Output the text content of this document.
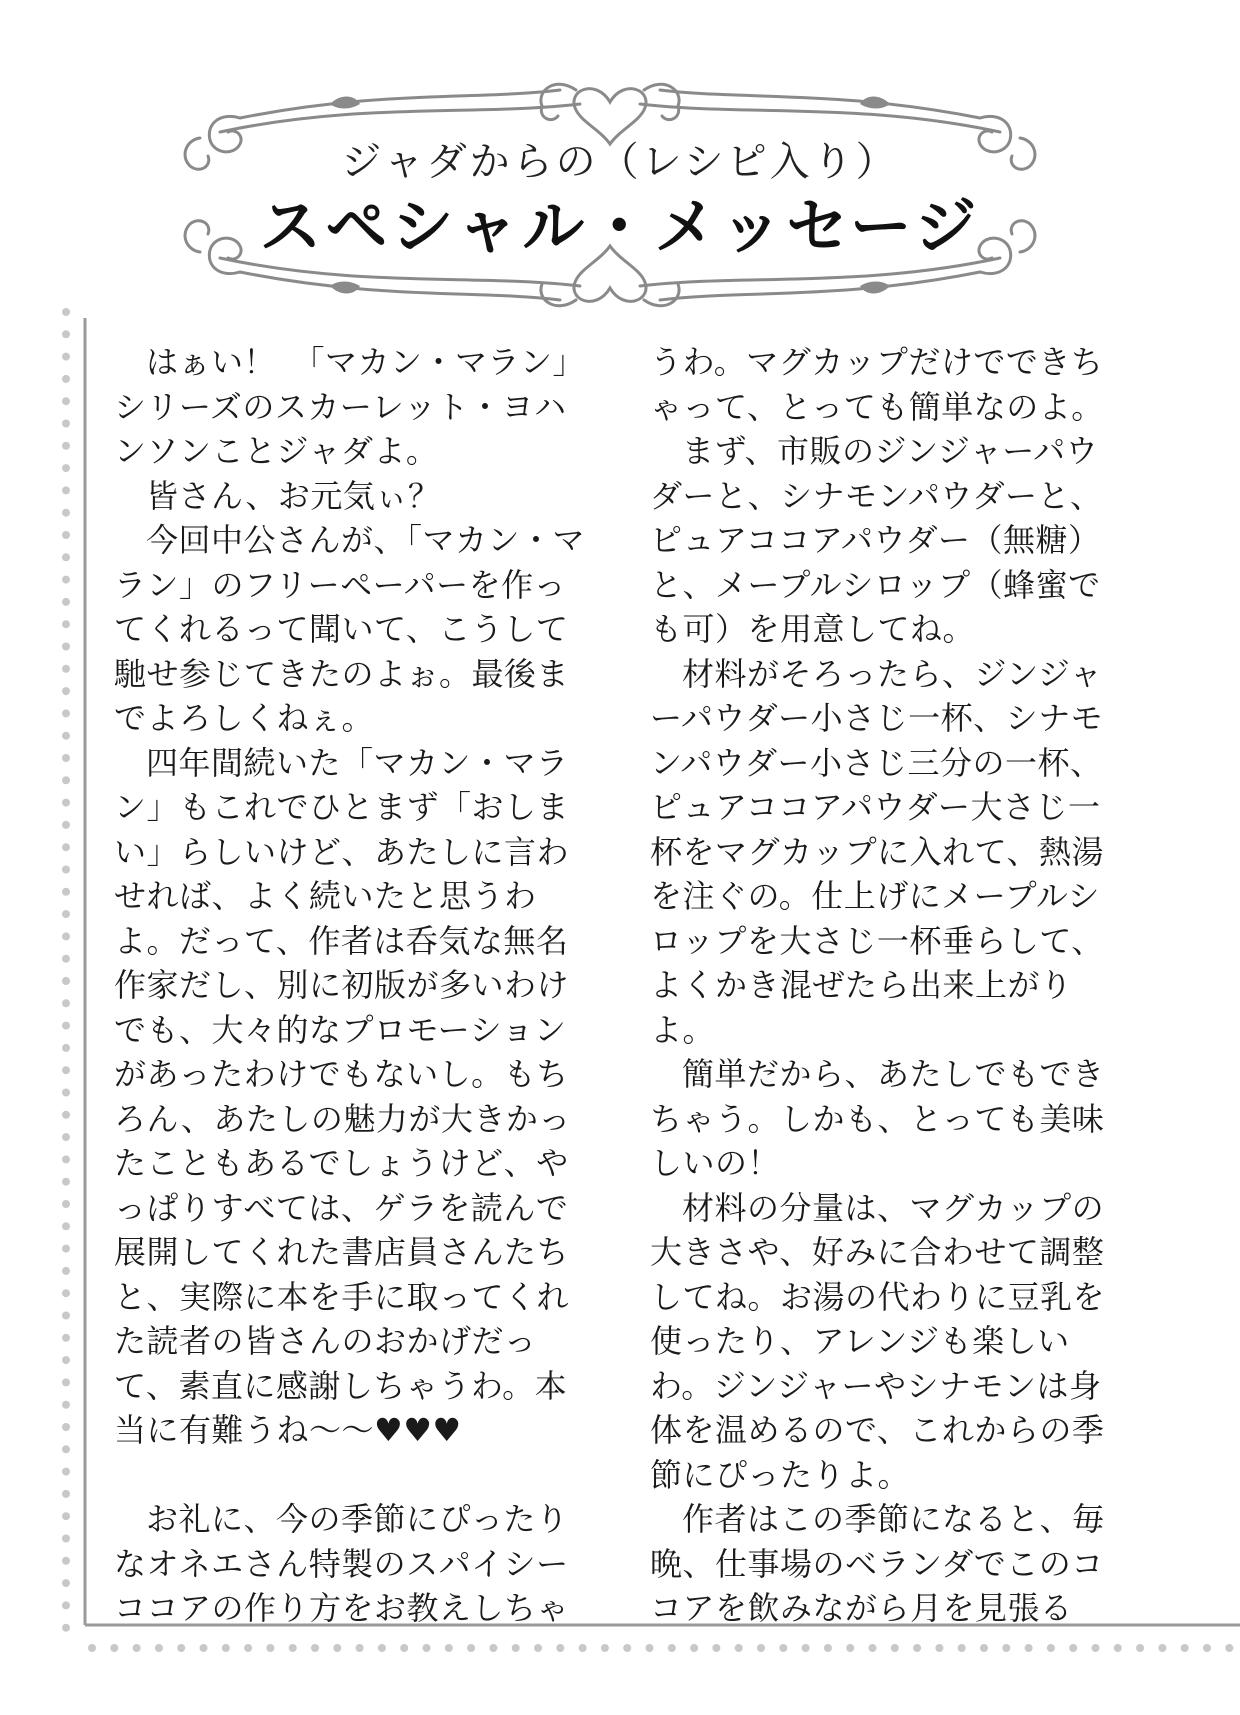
ジャダからの（レシピ入り）
スペシャル・メッセージ

はぁい！　「マカン・マラン」シリーズのスカーレット・ヨハンソンことジャダよ。

皆さん、お元気ぃ？

今回中公さんが、「マカン・マラン」のフリーペーパーを作ってくれるって聞いて、こうして馳せ参じてきたのよぉ。最後までよろしくねぇ。

四年間続いた「マカン・マラン」もこれでひとまず「おしまい」らしいけど、あたしに言わせれば、よく続いたと思うわよ。だって、作者は呑気な無名作家だし、別に初版が多いわけでも、大々的なプロモーションがあったわけでもないし。もちろん、あたしの魅力が大きかったこともあるでしょうけど、やっぱりすべては、ゲラを読んで展開してくれた書店員さんたちと、実際に本を手に取ってくれた読者の皆さんのおかげだって、素直に感謝しちゃうわ。本当に有難うね～～♥♥♥

お礼に、今の季節にぴったりなオネエさん特製のスパイシーココアの作り方をお教えしちゃ

うわ。マグカップだけでできちゃって、とっても簡単なのよ。

まず、市販のジンジャーパウダーと、シナモンパウダーと、ピュアココアパウダー（無糖）と、メープルシロップ（蜂蜜でも可）を用意してね。

材料がそろったら、ジンジャーパウダー小さじ一杯、シナモンパウダー小さじ三分の一杯、ピュアココアパウダー大さじ一杯をマグカップに入れて、熱湯を注ぐの。仕上げにメープルシロップを大さじ一杯垂らして、よくかき混ぜたら出来上がりよ。

簡単だから、あたしでもできちゃう。しかも、とっても美味しいの！

材料の分量は、マグカップの大きさや、好みに合わせて調整してね。お湯の代わりに豆乳を使ったり、アレンジも楽しいわ。ジンジャーやシナモンは身体を温めるので、これからの季節にぴったりよ。

作者はこの季節になると、毎晩、仕事場のベランダでこのココアを飲みながら月を見張る
